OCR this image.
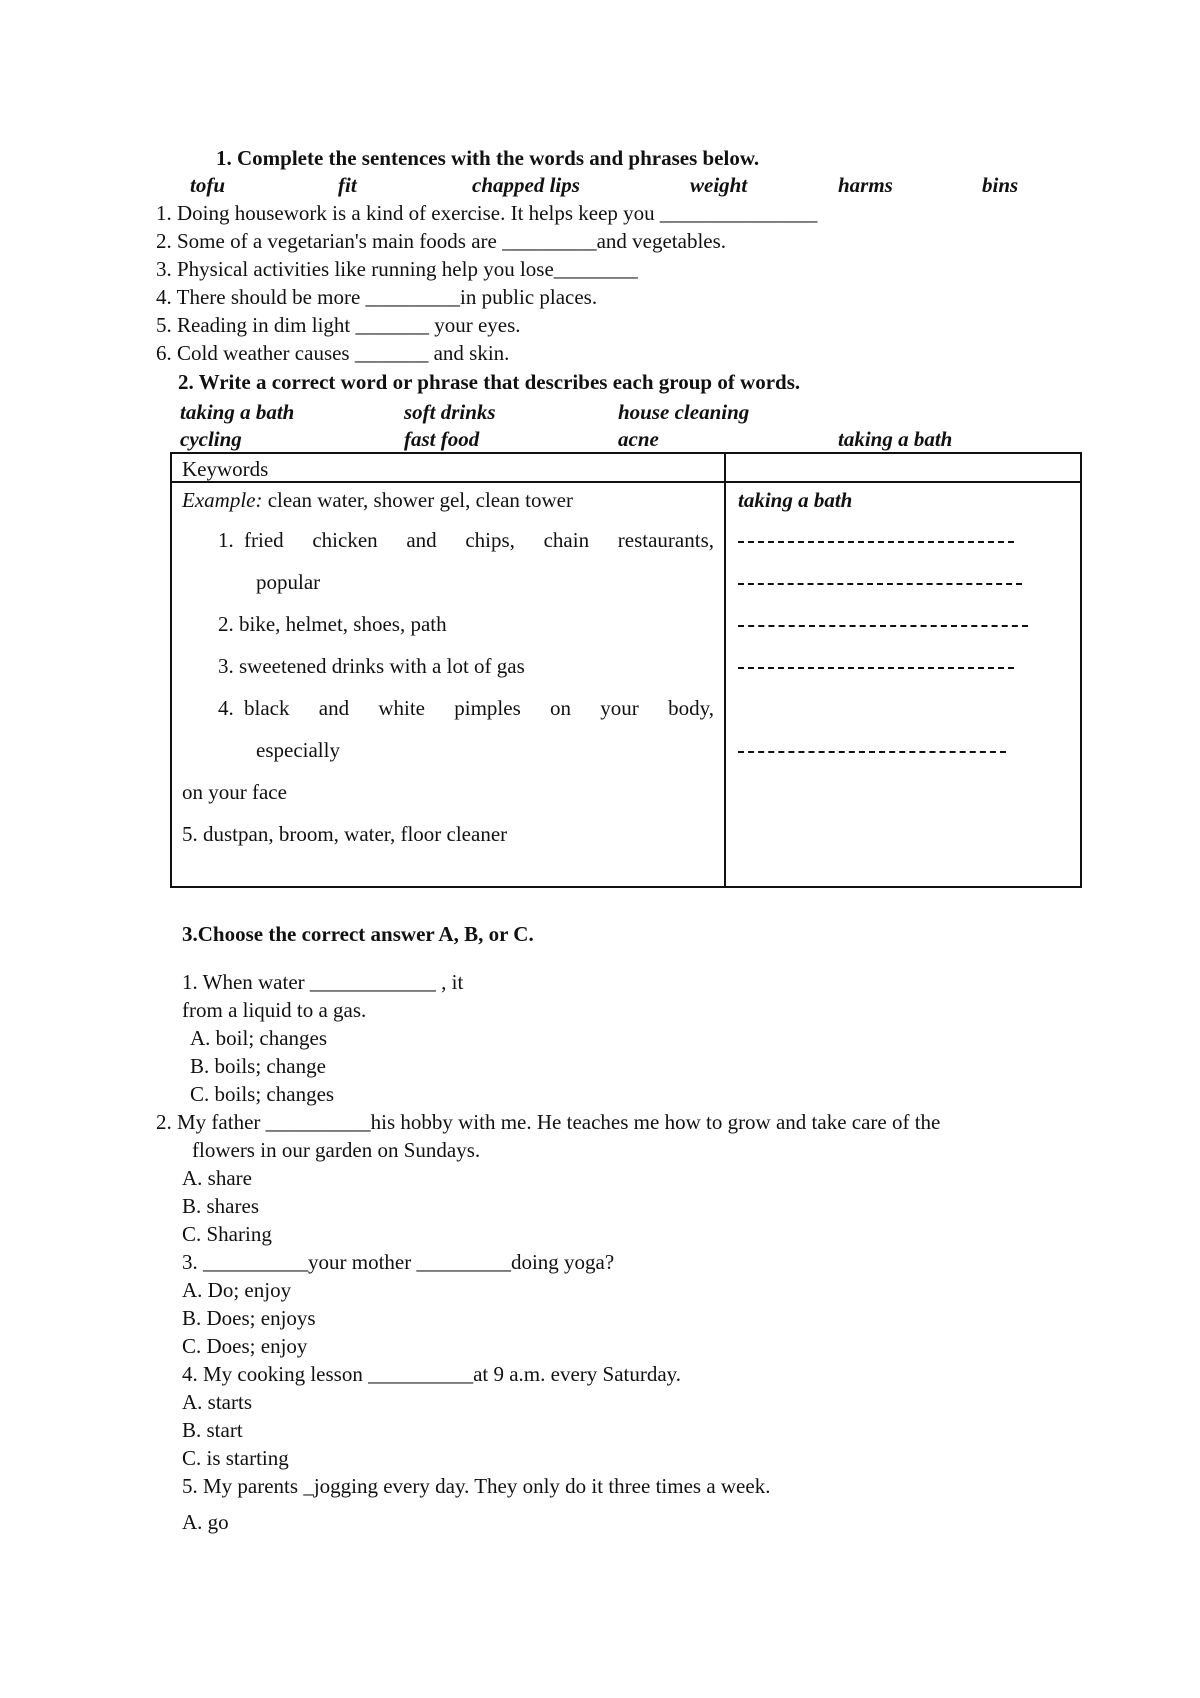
1. Complete the sentences with the words and phrases below.
tofu	fit	chapped lips	weight	harms	bins
1. Doing housework is a kind of exercise. It helps keep you _______________
2. Some of a vegetarian's main foods are _________and vegetables.
3. Physical activities like running help you lose________
4. There should be more _________in public places.
5. Reading in dim light _______ your eyes.
6. Cold weather causes _______ and skin.
2. Write a correct word or phrase that describes each group of words.
taking a bath	soft drinks	house cleaning
cycling	fast food	acne	taking a bath
Keywords
Example: clean water, shower gel, clean tower	taking a bath
1. fried chicken and chips, chain restaurants,
popular
2. bike, helmet, shoes, path
3. sweetened drinks with a lot of gas
4. black and white pimples on your body,
especially
on your face
5. dustpan, broom, water, floor cleaner
3.Choose the correct answer A, B, or C.
1. When water ____________ , it
from a liquid to a gas.
A. boil; changes
B. boils; change
C. boils; changes
2. My father __________his hobby with me. He teaches me how to grow and take care of the
flowers in our garden on Sundays.
A. share
B. shares
C. Sharing
3. __________your mother _________doing yoga?
A. Do; enjoy
B. Does; enjoys
C. Does; enjoy
4. My cooking lesson __________at 9 a.m. every Saturday.
A. starts
B. start
C. is starting
5. My parents _jogging every day. They only do it three times a week.
A. go
